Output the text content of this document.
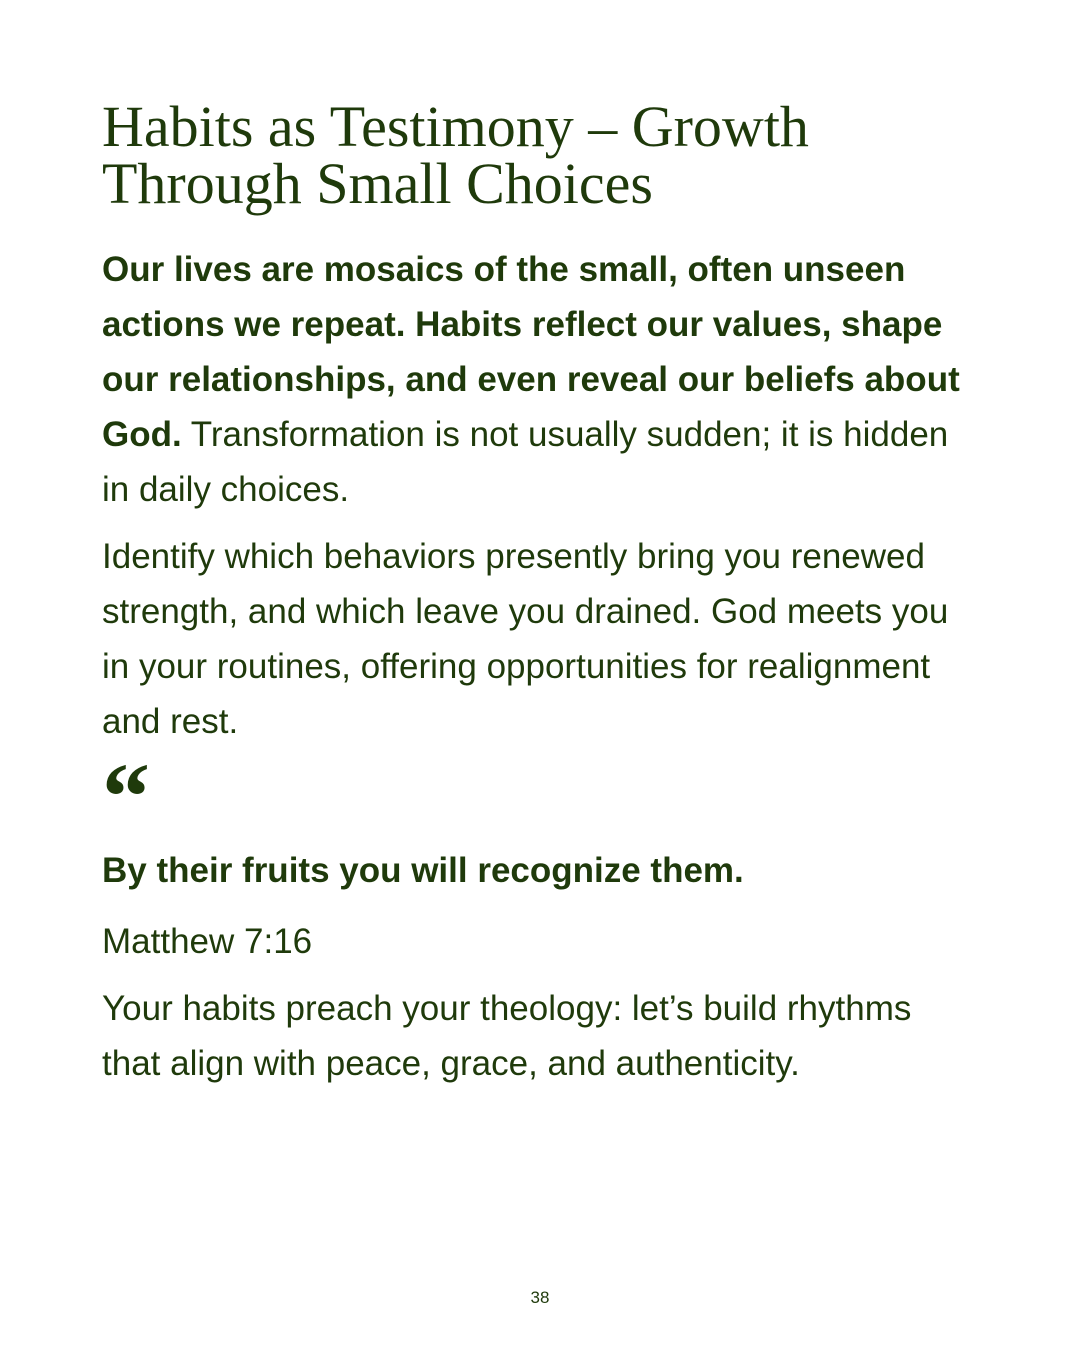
Habits as Testimony – Growth Through Small Choices

Our lives are mosaics of the small, often unseen actions we repeat. Habits reflect our values, shape our relationships, and even reveal our beliefs about God. Transformation is not usually sudden; it is hidden in daily choices.

Identify which behaviors presently bring you renewed strength, and which leave you drained. God meets you in your routines, offering opportunities for realignment and rest.

“

By their fruits you will recognize them.

Matthew 7:16

Your habits preach your theology: let’s build rhythms that align with peace, grace, and authenticity.

38
